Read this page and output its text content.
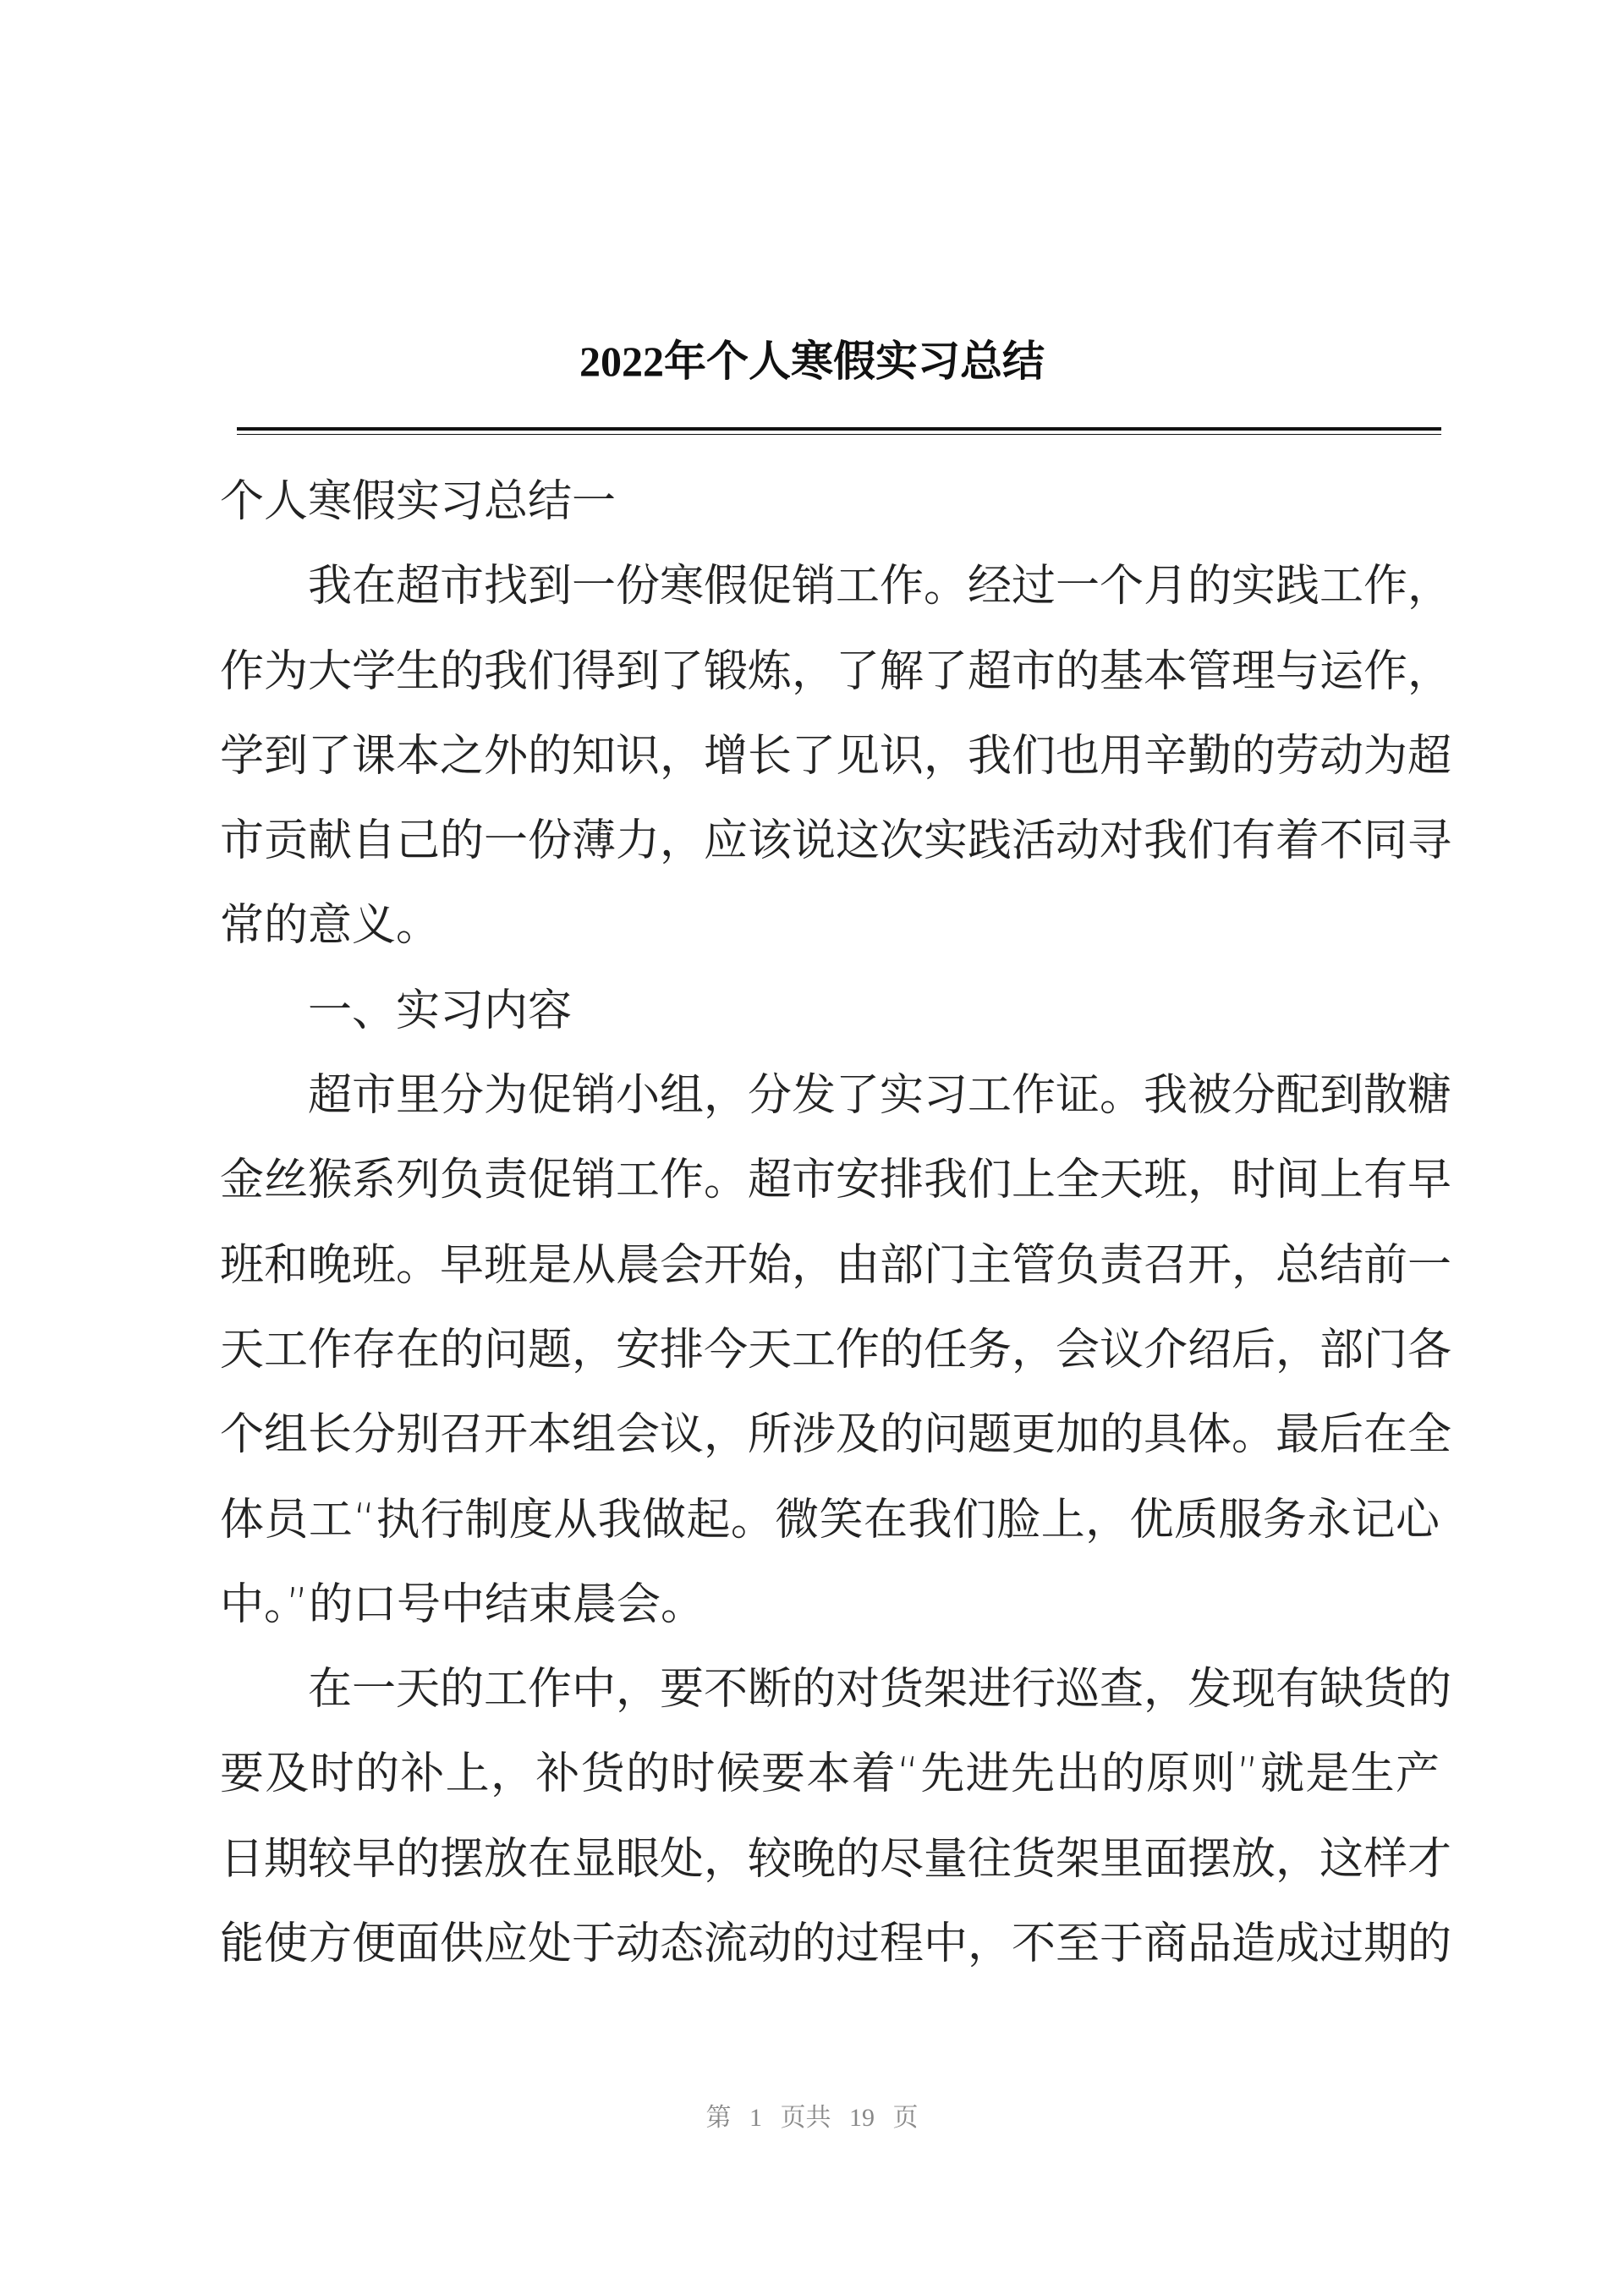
2022年个人寒假实习总结
个人寒假实习总结一
我在超市找到一份寒假促销工作。经过一个月的实践工作，
作为大学生的我们得到了锻炼，了解了超市的基本管理与运作，
学到了课本之外的知识，增长了见识，我们也用辛勤的劳动为超
市贡献自己的一份薄力，应该说这次实践活动对我们有着不同寻
常的意义。
一、实习内容
超市里分为促销小组，分发了实习工作证。我被分配到散糖
金丝猴系列负责促销工作。超市安排我们上全天班，时间上有早
班和晚班。早班是从晨会开始，由部门主管负责召开，总结前一
天工作存在的问题，安排今天工作的任务，会议介绍后，部门各
个组长分别召开本组会议，所涉及的问题更加的具体。最后在全
体员工“执行制度从我做起。微笑在我们脸上，优质服务永记心
中。”的口号中结束晨会。
在一天的工作中，要不断的对货架进行巡查，发现有缺货的
要及时的补上，补货的时候要本着“先进先出的原则”就是生产
日期较早的摆放在显眼处，较晚的尽量往货架里面摆放，这样才
能使方便面供应处于动态流动的过程中，不至于商品造成过期的
第 1 页共 19 页
